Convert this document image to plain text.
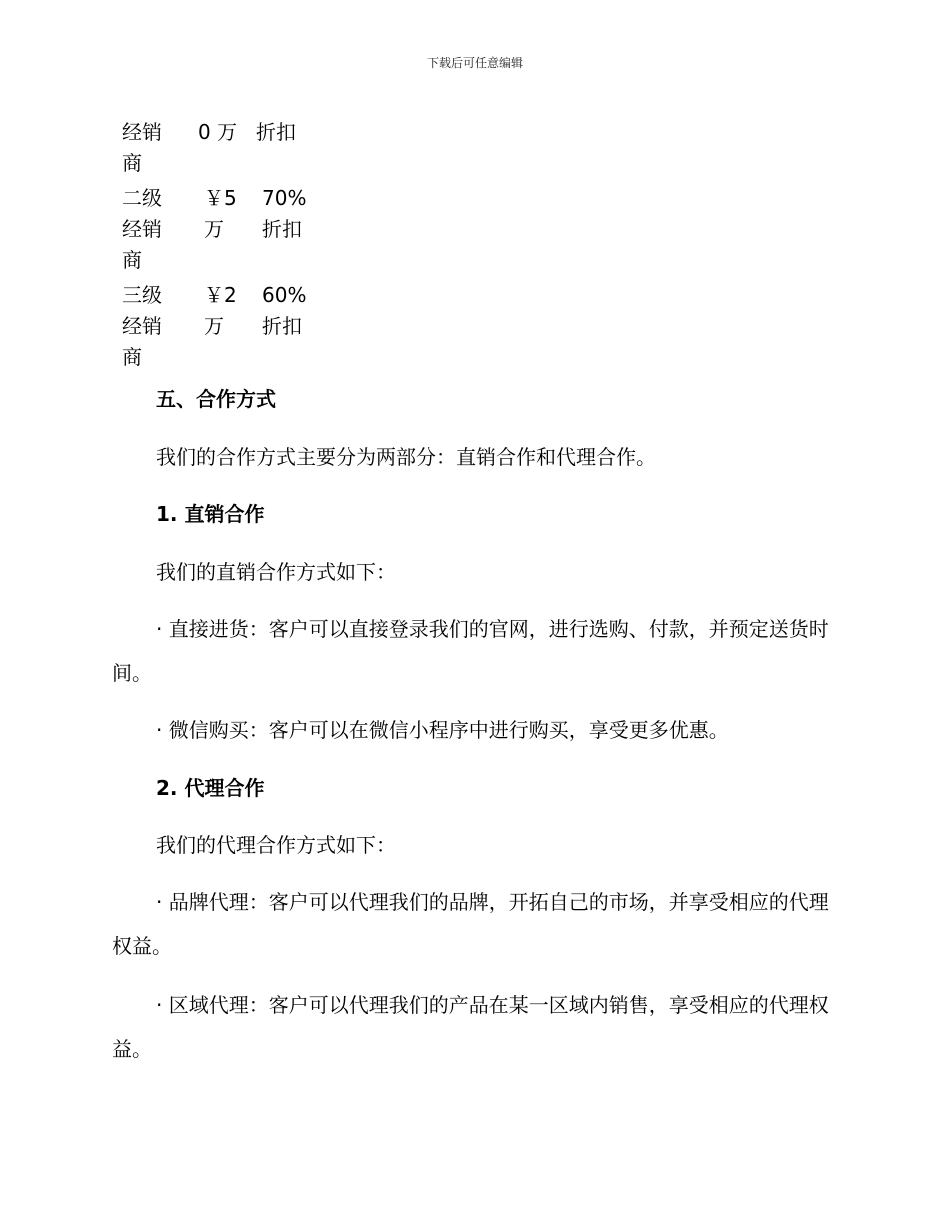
下载后可任意编辑
经销
商
0 万 折扣
二级
经销
商
￥5
万
70%
折扣
三级
经销
商
￥2
万
60%
折扣
五、合作方式
我们的合作方式主要分为两部分：直销合作和代理合作。
1. 直销合作
我们的直销合作方式如下：
· 直接进货：客户可以直接登录我们的官网，进行选购、付款，并预定送货时间。
· 微信购买：客户可以在微信小程序中进行购买，享受更多优惠。
2. 代理合作
我们的代理合作方式如下：
· 品牌代理：客户可以代理我们的品牌，开拓自己的市场，并享受相应的代理权益。
· 区域代理：客户可以代理我们的产品在某一区域内销售，享受相应的代理权益。
